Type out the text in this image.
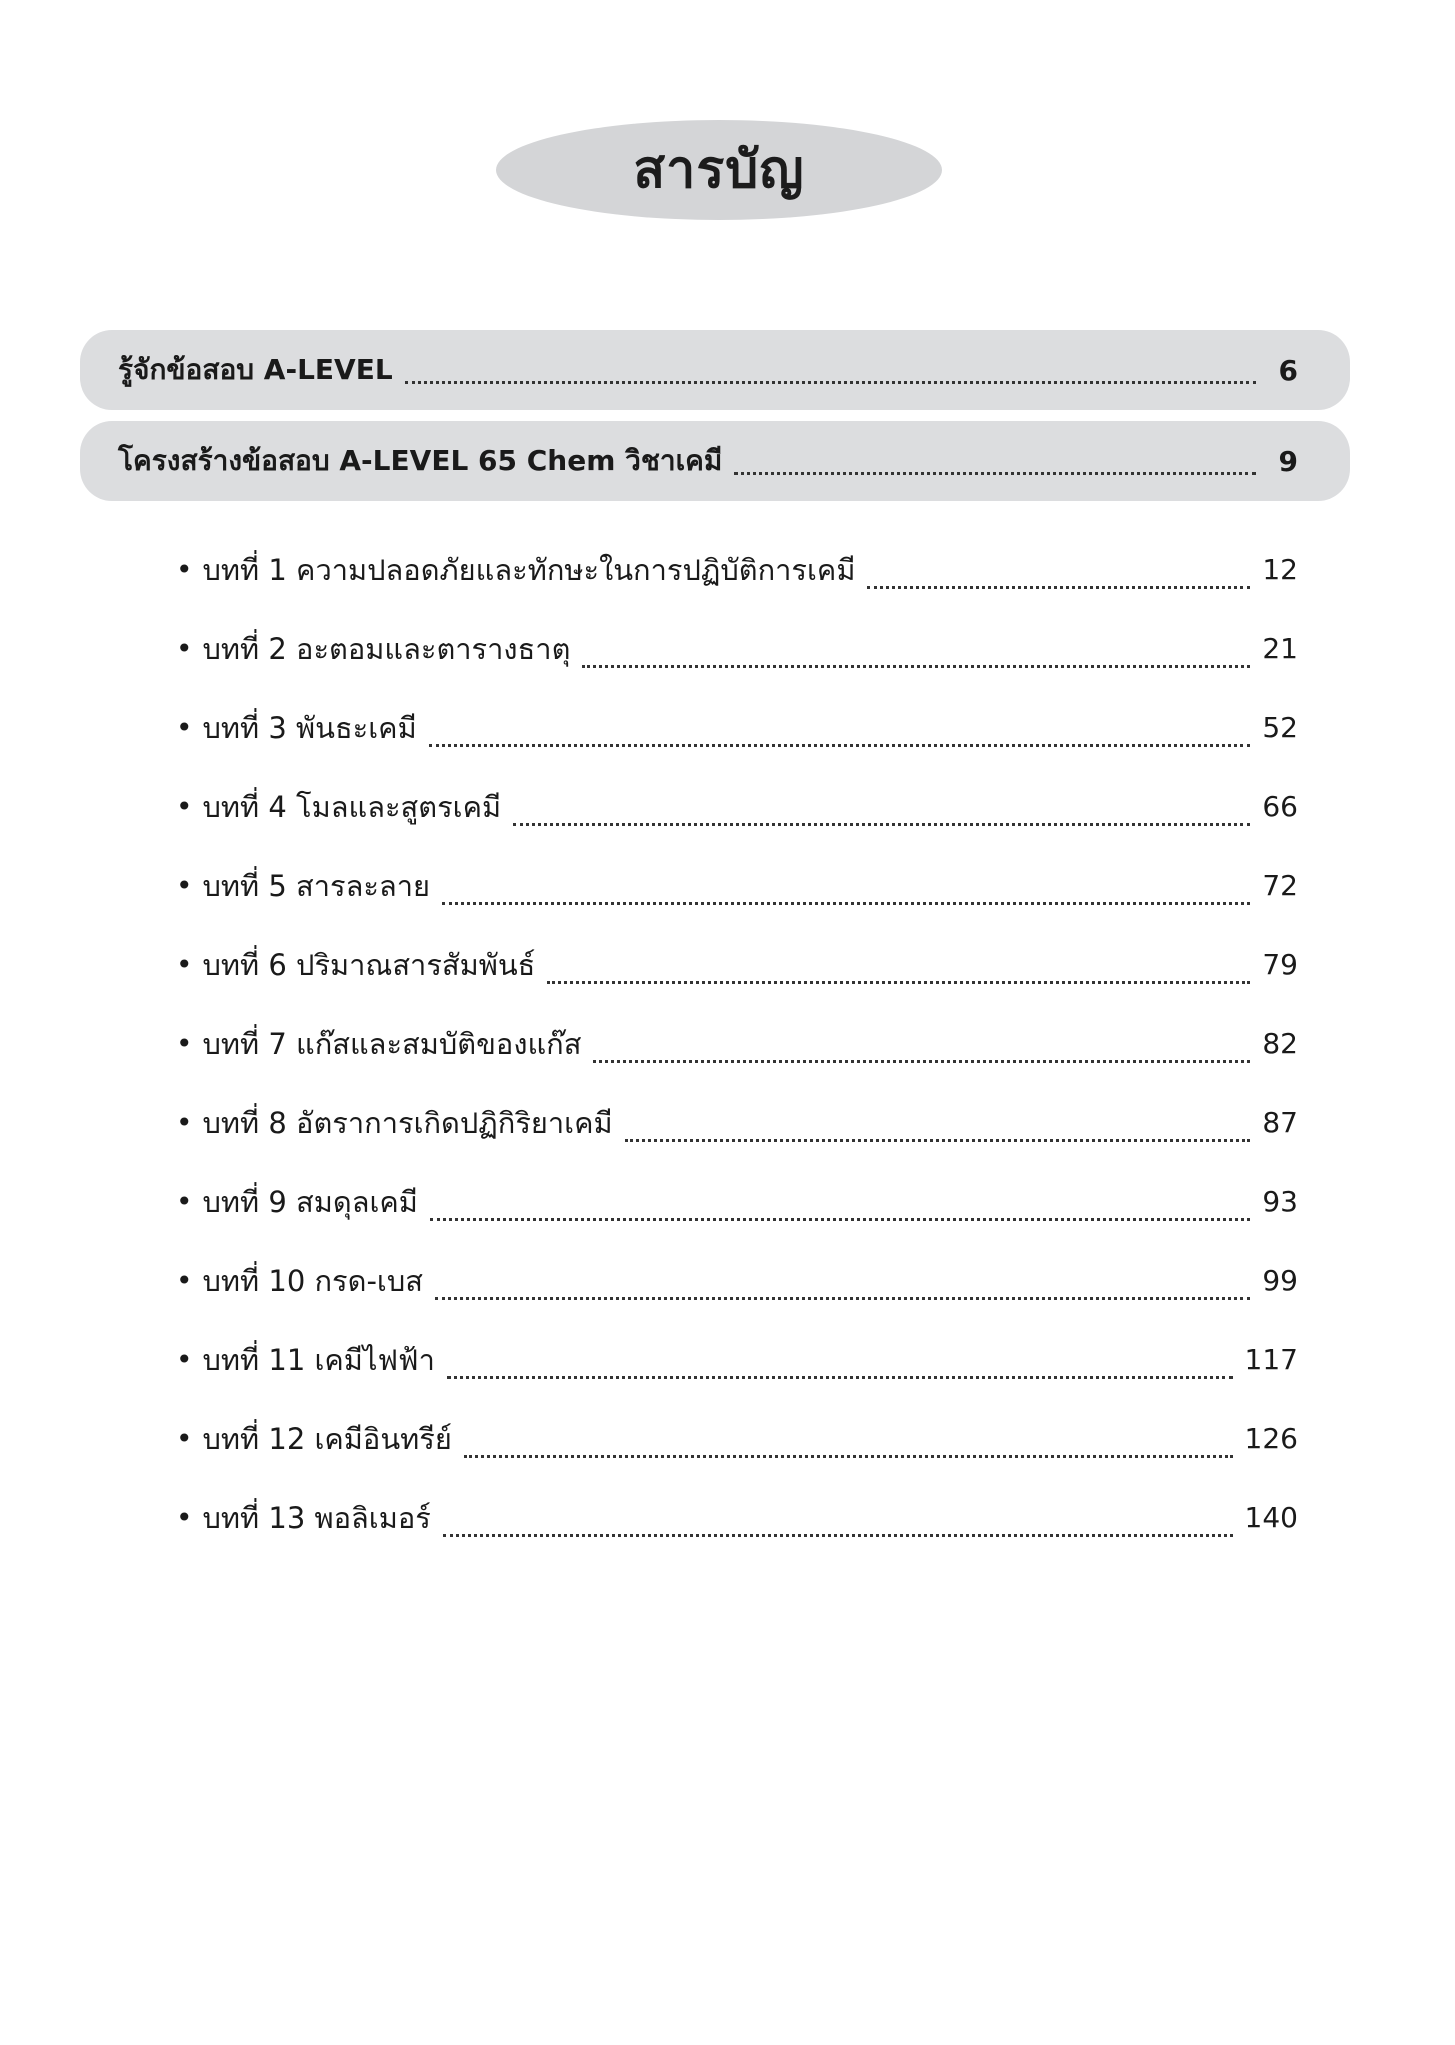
สารบัญ
รู้จักข้อสอบ A-LEVEL	6
โครงสร้างข้อสอบ A-LEVEL 65 Chem วิชาเคมี	9
• บทที่ 1 ความปลอดภัยและทักษะในการปฏิบัติการเคมี	12
• บทที่ 2 อะตอมและตารางธาตุ	21
• บทที่ 3 พันธะเคมี	52
• บทที่ 4 โมลและสูตรเคมี	66
• บทที่ 5 สารละลาย	72
• บทที่ 6 ปริมาณสารสัมพันธ์	79
• บทที่ 7 แก๊สและสมบัติของแก๊ส	82
• บทที่ 8 อัตราการเกิดปฏิกิริยาเคมี	87
• บทที่ 9 สมดุลเคมี	93
• บทที่ 10 กรด-เบส	99
• บทที่ 11 เคมีไฟฟ้า	117
• บทที่ 12 เคมีอินทรีย์	126
• บทที่ 13 พอลิเมอร์	140
